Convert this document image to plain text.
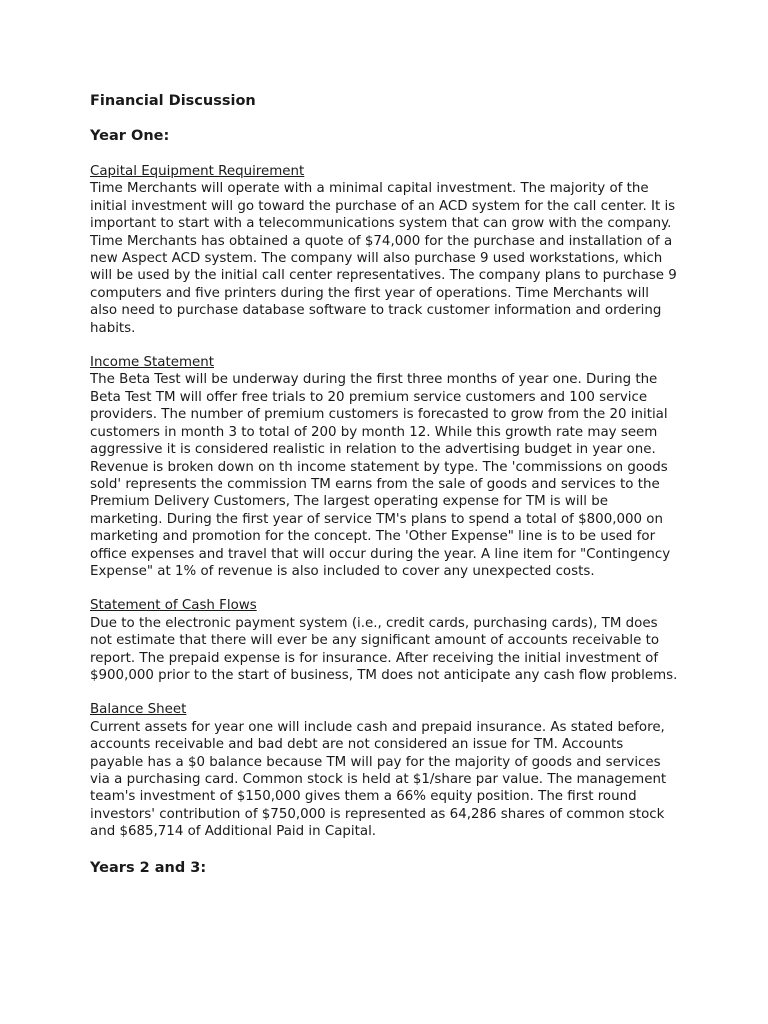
Financial Discussion
Year One:
Capital Equipment Requirement

Time Merchants will operate with a minimal capital investment. The majority of the initial investment will go toward the purchase of an ACD system for the call center. It is important to start with a telecommunications system that can grow with the company. Time Merchants has obtained a quote of $74,000 for the purchase and installation of a new Aspect ACD system. The company will also purchase 9 used workstations, which will be used by the initial call center representatives. The company plans to purchase 9 computers and five printers during the first year of operations. Time Merchants will also need to purchase database software to track customer information and ordering habits.

Income Statement

The Beta Test will be underway during the first three months of year one. During the Beta Test TM will offer free trials to 20 premium service customers and 100 service providers. The number of premium customers is forecasted to grow from the 20 initial customers in month 3 to total of 200 by month 12. While this growth rate may seem aggressive it is considered realistic in relation to the advertising budget in year one. Revenue is broken down on th income statement by type. The 'commissions on goods sold' represents the commission TM earns from the sale of goods and services to the Premium Delivery Customers, The largest operating expense for TM is will be marketing. During the first year of service TM's plans to spend a total of $800,000 on marketing and promotion for the concept. The 'Other Expense" line is to be used for office expenses and travel that will occur during the year. A line item for "Contingency Expense" at 1% of revenue is also included to cover any unexpected costs.

Statement of Cash Flows

Due to the electronic payment system (i.e., credit cards, purchasing cards), TM does not estimate that there will ever be any significant amount of accounts receivable to report. The prepaid expense is for insurance. After receiving the initial investment of $900,000 prior to the start of business, TM does not anticipate any cash flow problems.

Balance Sheet

Current assets for year one will include cash and prepaid insurance. As stated before, accounts receivable and bad debt are not considered an issue for TM. Accounts payable has a $0 balance because TM will pay for the majority of goods and services via a purchasing card. Common stock is held at $1/share par value. The management team's investment of $150,000 gives them a 66% equity position. The first round investors' contribution of $750,000 is represented as 64,286 shares of common stock and $685,714 of Additional Paid in Capital.

Years 2 and 3:
